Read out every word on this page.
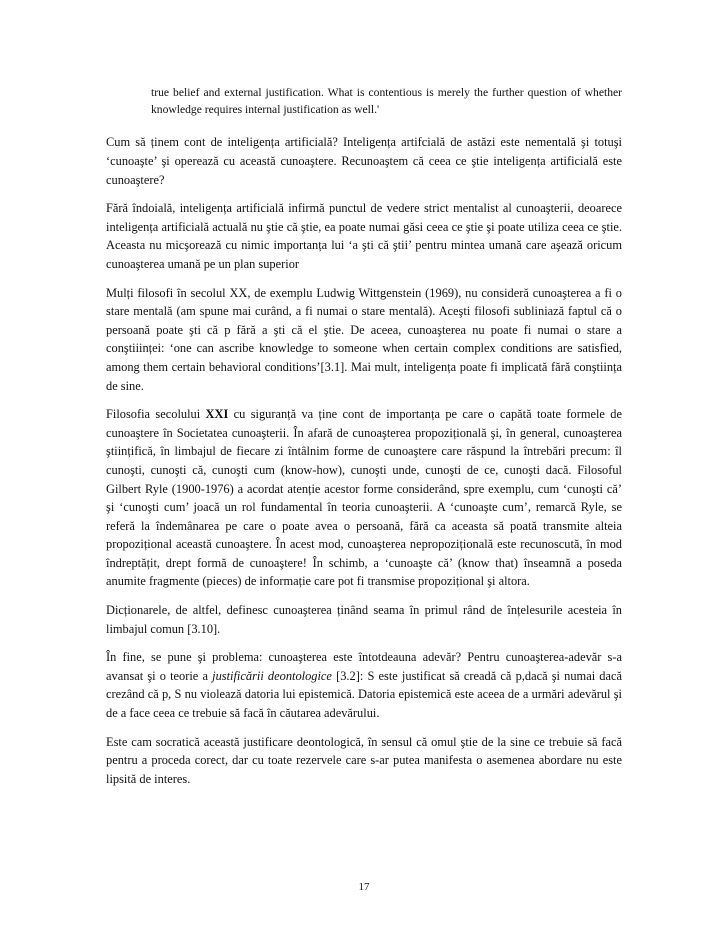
true belief and external justification. What is contentious is merely the further question of whether knowledge requires internal justification as well.'

Cum să ținem cont de inteligența artificială? Inteligența artifcială de astăzi este nementală şi totuşi ‘cunoaşte’ şi operează cu această cunoaştere. Recunoaştem că ceea ce ştie inteligența artificială este cunoaştere?

Fără îndoială, inteligența artificială infirmă punctul de vedere strict mentalist al cunoaşterii, deoarece inteligența artificială actuală nu ştie că ştie, ea poate numai găsi ceea ce ştie şi poate utiliza ceea ce ştie. Aceasta nu micşorează cu nimic importanța lui ‘a şti că ştii’ pentru mintea umană care aşează oricum cunoaşterea umană pe un plan superior

Mulți filosofi în secolul XX, de exemplu Ludwig Wittgenstein (1969), nu consideră cunoaşterea a fi o stare mentală (am spune mai curând, a fi numai o stare mentală). Aceşti filosofi subliniază faptul că o persoană poate şti că p fără a şti că el ştie. De aceea, cunoaşterea nu poate fi numai o stare a conştiiinței: ‘one can ascribe knowledge to someone when certain complex conditions are satisfied, among them certain behavioral conditions’[3.1]. Mai mult, inteligența poate fi implicată fără conştiința de sine.

Filosofia secolului XXI cu siguranță va ține cont de importanța pe care o capătă toate formele de cunoaştere în Societatea cunoaşterii. În afară de cunoaşterea propozițională şi, în general, cunoaşterea ştiințifică, în limbajul de fiecare zi întâlnim forme de cunoaştere care răspund la întrebări precum: îl cunoşti, cunoşti că, cunoşti cum (know-how), cunoşti unde, cunoşti de ce, cunoşti dacă. Filosoful Gilbert Ryle (1900-1976) a acordat atenție acestor forme considerând, spre exemplu, cum ‘cunoşti că’ şi ‘cunoşti cum’ joacă un rol fundamental în teoria cunoaşterii. A ‘cunoaşte cum’, remarcă Ryle, se referă la îndemânarea pe care o poate avea o persoană, fără ca aceasta să poată transmite alteia propozițional această cunoaştere. În acest mod, cunoaşterea nepropozițională este recunoscută, în mod îndreptățit, drept formă de cunoaştere! În schimb, a ‘cunoaşte că’ (know that) înseamnă a poseda anumite fragmente (pieces) de informație care pot fi transmise propozițional şi altora.

Dicționarele, de altfel, definesc cunoaşterea ținând seama în primul rând de înțelesurile acesteia în limbajul comun [3.10].

În fine, se pune şi problema: cunoaşterea este întotdeauna adevăr? Pentru cunoaşterea-adevăr s-a avansat şi o teorie a justificării deontologice [3.2]: S este justificat să creadă că p,dacă şi numai dacă crezând că p, S nu violează datoria lui epistemică. Datoria epistemică este aceea de a urmări adevărul şi de a face ceea ce trebuie să facă în căutarea adevărului.

Este cam socratică această justificare deontologică, în sensul că omul ştie de la sine ce trebuie să facă pentru a proceda corect, dar cu toate rezervele care s-ar putea manifesta o asemenea abordare nu este lipsită de interes.

17
